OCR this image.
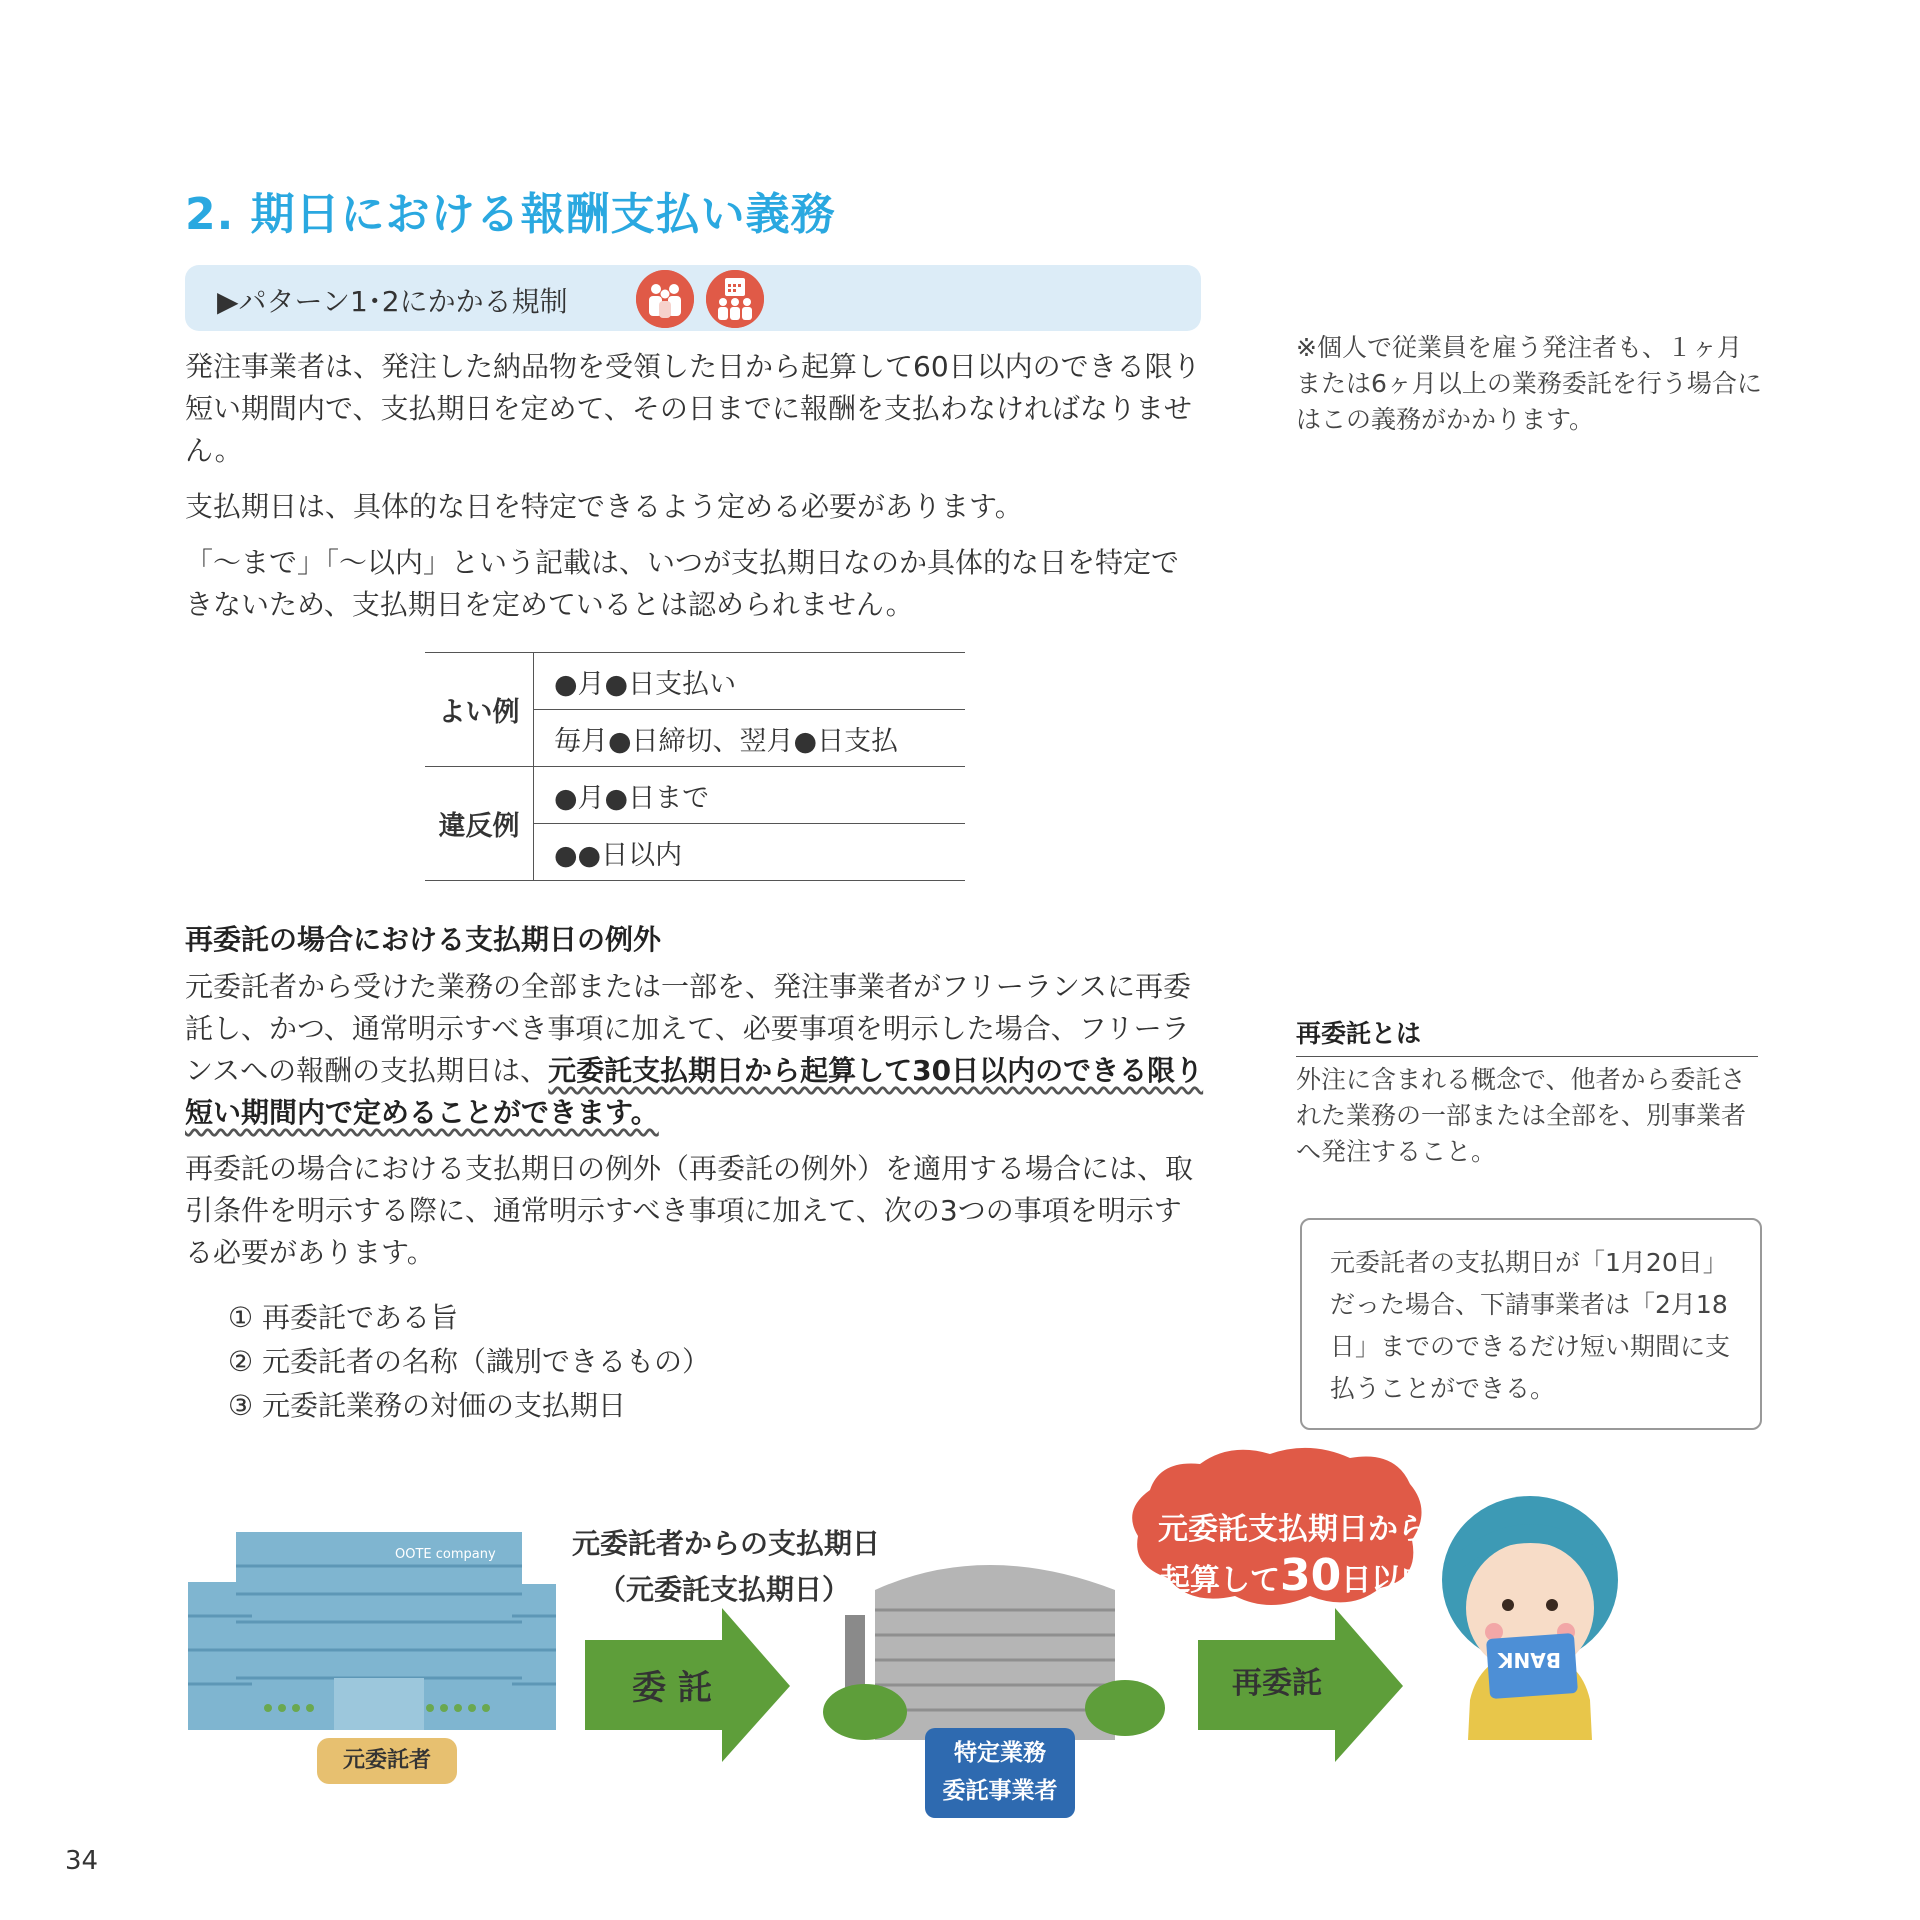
2. 期日における報酬支払い義務
▶パターン1･2にかかる規制

発注事業者は、発注した納品物を受領した日から起算して60日以内のできる限り短い期間内で、支払期日を定めて、その日までに報酬を支払わなければなりません。

支払期日は、具体的な日を特定できるよう定める必要があります。

「〜まで」「〜以内」という記載は、いつが支払期日なのか具体的な日を特定できないため、支払期日を定めているとは認められません。

よい例	●月●日支払い
	毎月●日締切、翌月●日支払
違反例	●月●日まで
	●●日以内
再委託の場合における支払期日の例外

元委託者から受けた業務の全部または一部を、発注事業者がフリーランスに再委託し、かつ、通常明示すべき事項に加えて、必要事項を明示した場合、フリーランスへの報酬の支払期日は、元委託支払期日から起算して30日以内のできる限り短い期間内で定めることができます。

再委託の場合における支払期日の例外（再委託の例外）を適用する場合には、取引条件を明示する際に、通常明示すべき事項に加えて、次の3つの事項を明示する必要があります。

① 再委託である旨
② 元委託者の名称（識別できるもの）
③ 元委託業務の対価の支払期日
※個人で従業員を雇う発注者も、１ヶ月または6ヶ月以上の業務委託を行う場合にはこの義務がかかります。
再委託とは
外注に含まれる概念で、他者から委託された業務の一部または全部を、別事業者へ発注すること。
元委託者の支払期日が「1月20日」だった場合、下請事業者は「2月18日」までのできるだけ短い期間に支払うことができる。
OOTE company
元委託者
元委託者からの支払期日
（元委託支払期日）
委 託
特定業務
委託事業者
元委託支払期日から
起算して30日以内
再委託
BANK
34
